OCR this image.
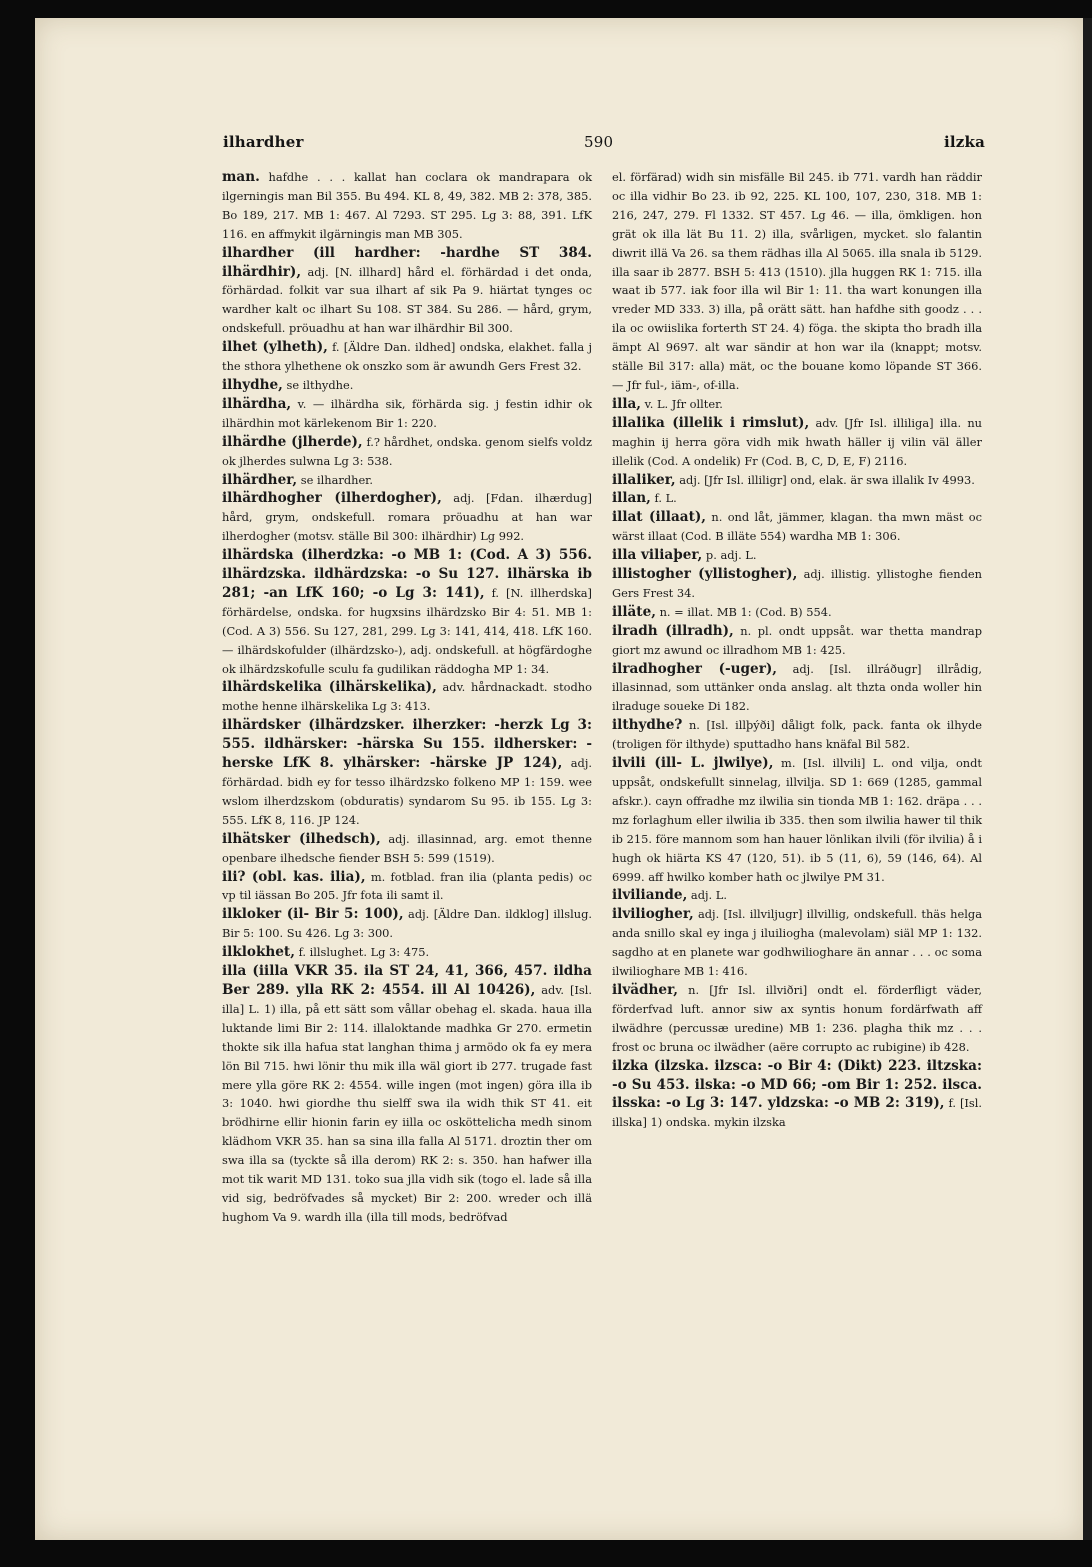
ilhardher	590	ilzka

man. hafdhe . . . kallat han coclara ok mandrapara ok ilgerningis man Bil 355. Bu 494. KL 8, 49, 382. MB 2: 378, 385. Bo 189, 217. MB 1: 467. Al 7293. ST 295. Lg 3: 88, 391. LfK 116. en affmykit ilgärningis man MB 305.

ilhardher (ill hardher: -hardhe ST 384. ilhärdhir), adj. [N. illhard] hård el. förhärdad i det onda, förhärdad. folkit var sua ilhart af sik Pa 9. hiärtat tynges oc wardher kalt oc ilhart Su 108. ST 384. Su 286. — hård, grym, ondskefull. pröuadhu at han war ilhärdhir Bil 300.

ilhet (ylheth), f. [Äldre Dan. ildhed] ondska, elakhet. falla j the sthora ylhethene ok onszko som är awundh Gers Frest 32.

ilhydhe, se ilthydhe.

ilhärdha, v. — ilhärdha sik, förhärda sig. j festin idhir ok ilhärdhin mot kärlekenom Bir 1: 220.

ilhärdhe (jlherde), f.? hårdhet, ondska. genom sielfs voldz ok jlherdes sulwna Lg 3: 538.

ilhärdher, se ilhardher.

ilhärdhogher (ilherdogher), adj. [Fdan. ilhærdug] hård, grym, ondskefull. romara pröuadhu at han war ilherdogher (motsv. ställe Bil 300: ilhärdhir) Lg 992.

ilhärdska (ilherdzka: -o MB 1: (Cod. A 3) 556. ilhärdzska. ildhärdzska: -o Su 127. ilhärska ib 281; -an LfK 160; -o Lg 3: 141), f. [N. illherdska] förhärdelse, ondska. for hugxsins ilhärdzsko Bir 4: 51. MB 1: (Cod. A 3) 556. Su 127, 281, 299. Lg 3: 141, 414, 418. LfK 160. — ilhärdskofulder (ilhärdzsko-), adj. ondskefull. at högfärdoghe ok ilhärdzskofulle sculu fa gudilikan räddogha MP 1: 34.

ilhärdskelika (ilhärskelika), adv. hårdnackadt. stodho mothe henne ilhärskelika Lg 3: 413.

ilhärdsker (ilhärdzsker. ilherzker: -herzk Lg 3: 555. ildhärsker: -härska Su 155. ildhersker: -herske LfK 8. ylhärsker: -härske JP 124), adj. förhärdad. bidh ey for tesso ilhärdzsko folkeno MP 1: 159. wee wslom ilherdzskom (obduratis) syndarom Su 95. ib 155. Lg 3: 555. LfK 8, 116. JP 124.

ilhätsker (ilhedsch), adj. illasinnad, arg. emot thenne openbare ilhedsche fiender BSH 5: 599 (1519).

ili? (obl. kas. ilia), m. fotblad. fran ilia (planta pedis) oc vp til iässan Bo 205. Jfr fota ili samt il.

ilkloker (il- Bir 5: 100), adj. [Äldre Dan. ildklog] illslug. Bir 5: 100. Su 426. Lg 3: 300.

ilklokhet, f. illslughet. Lg 3: 475.

illa (iilla VKR 35. ila ST 24, 41, 366, 457. ildha Ber 289. ylla RK 2: 4554. ill Al 10426), adv. [Isl. illa] L. 1) illa, på ett sätt som vållar obehag el. skada. haua illa luktande limi Bir 2: 114. illaloktande madhka Gr 270. ermetin thokte sik illa hafua stat langhan thima j armödo ok fa ey mera lön Bil 715. hwi lönir thu mik illa wäl giort ib 277. trugade fast mere ylla göre RK 2: 4554. wille ingen (mot ingen) göra illa ib 3: 1040. hwi giordhe thu sielff swa ila widh thik ST 41. eit brödhirne ellir hionin farin ey iilla oc osköttelicha medh sinom klädhom VKR 35. han sa sina illa falla Al 5171. droztin ther om swa illa sa (tyckte så illa derom) RK 2: s. 350. han hafwer illa mot tik warit MD 131. toko sua jlla vidh sik (togo el. lade så illa vid sig, bedröfvades så mycket) Bir 2: 200. wreder och illä hughom Va 9. wardh illa (illa till mods, bedröfvad

el. förfärad) widh sin misfälle Bil 245. ib 771. vardh han räddir oc illa vidhir Bo 23. ib 92, 225. KL 100, 107, 230, 318. MB 1: 216, 247, 279. Fl 1332. ST 457. Lg 46. — illa, ömkligen. hon grät ok illa lät Bu 11. 2) illa, svårligen, mycket. slo falantin diwrit illä Va 26. sa them rädhas illa Al 5065. illa snala ib 5129. illa saar ib 2877. BSH 5: 413 (1510). jlla huggen RK 1: 715. illa waat ib 577. iak foor illa wil Bir 1: 11. tha wart konungen illa vreder MD 333. 3) illa, på orätt sätt. han hafdhe sith goodz . . . ila oc owiislika forterth ST 24. 4) föga. the skipta tho bradh illa ämpt Al 9697. alt war sändir at hon war ila (knappt; motsv. ställe Bil 317: alla) mät, oc the bouane komo löpande ST 366. — Jfr ful-, iäm-, of-illa.

illa, v. L. Jfr ollter.

illalika (illelik i rimslut), adv. [Jfr Isl. illiliga] illa. nu maghin ij herra göra vidh mik hwath häller ij vilin väl äller illelik (Cod. A ondelik) Fr (Cod. B, C, D, E, F) 2116.

illaliker, adj. [Jfr Isl. illiligr] ond, elak. är swa illalik Iv 4993.

illan, f. L.

illat (illaat), n. ond låt, jämmer, klagan. tha mwn mäst oc wärst illaat (Cod. B illäte 554) wardha MB 1: 306.

illa viliaþer, p. adj. L.

illistogher (yllistogher), adj. illistig. yllistoghe fienden Gers Frest 34.

illäte, n. = illat. MB 1: (Cod. B) 554.

ilradh (illradh), n. pl. ondt uppsåt. war thetta mandrap giort mz awund oc illradhom MB 1: 425.

ilradhogher (-uger), adj. [Isl. illráðugr] illrådig, illasinnad, som uttänker onda anslag. alt thzta onda woller hin ilraduge soueke Di 182.

ilthydhe? n. [Isl. illþýði] dåligt folk, pack. fanta ok ilhyde (troligen för ilthyde) sputtadho hans knäfal Bil 582.

ilvili (ill- L. jlwilye), m. [Isl. illvili] L. ond vilja, ondt uppsåt, ondskefullt sinnelag, illvilja. SD 1: 669 (1285, gammal afskr.). cayn offradhe mz ilwilia sin tionda MB 1: 162. dräpa . . . mz forlaghum eller ilwilia ib 335. then som ilwilia hawer til thik ib 215. före mannom som han hauer lönlikan ilvili (för ilvilia) å i hugh ok hiärta KS 47 (120, 51). ib 5 (11, 6), 59 (146, 64). Al 6999. aff hwilko komber hath oc jlwilye PM 31.

ilviliande, adj. L.

ilviliogher, adj. [Isl. illviljugr] illvillig, ondskefull. thäs helga anda snillo skal ey inga j iluiliogha (malevolam) siäl MP 1: 132. sagdho at en planete war godhwilioghare än annar . . . oc soma ilwilioghare MB 1: 416.

ilvädher, n. [Jfr Isl. illviðri] ondt el. förderfligt väder, förderfvad luft. annor siw ax syntis honum fordärfwath aff ilwädhre (percussæ uredine) MB 1: 236. plagha thik mz . . . frost oc bruna oc ilwädher (aëre corrupto ac rubigine) ib 428.

ilzka (ilzska. ilzsca: -o Bir 4: (Dikt) 223. iltzska: -o Su 453. ilska: -o MD 66; -om Bir 1: 252. ilsca. ilsska: -o Lg 3: 147. yldzska: -o MB 2: 319), f. [Isl. illska] 1) ondska. mykin ilzska
